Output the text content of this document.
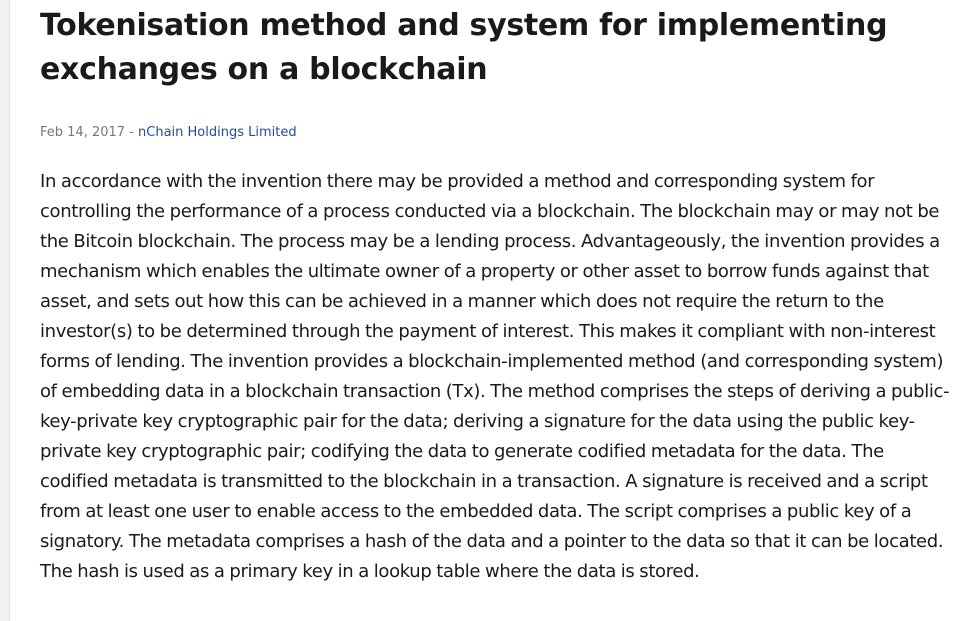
Tokenisation method and system for implementing exchanges on a blockchain
Feb 14, 2017 - nChain Holdings Limited

In accordance with the invention there may be provided a method and corresponding system for controlling the performance of a process conducted via a blockchain. The blockchain may or may not be the Bitcoin blockchain. The process may be a lending process. Advantageously, the invention provides a mechanism which enables the ultimate owner of a property or other asset to borrow funds against that asset, and sets out how this can be achieved in a manner which does not require the return to the investor(s) to be determined through the payment of interest. This makes it compliant with non-interest forms of lending. The invention provides a blockchain-implemented method (and corresponding system) of embedding data in a blockchain transaction (Tx). The method comprises the steps of deriving a public-key-private key cryptographic pair for the data; deriving a signature for the data using the public key-private key cryptographic pair; codifying the data to generate codified metadata for the data. The codified metadata is transmitted to the blockchain in a transaction. A signature is received and a script from at least one user to enable access to the embedded data. The script comprises a public key of a signatory. The metadata comprises a hash of the data and a pointer to the data so that it can be located. The hash is used as a primary key in a lookup table where the data is stored.
